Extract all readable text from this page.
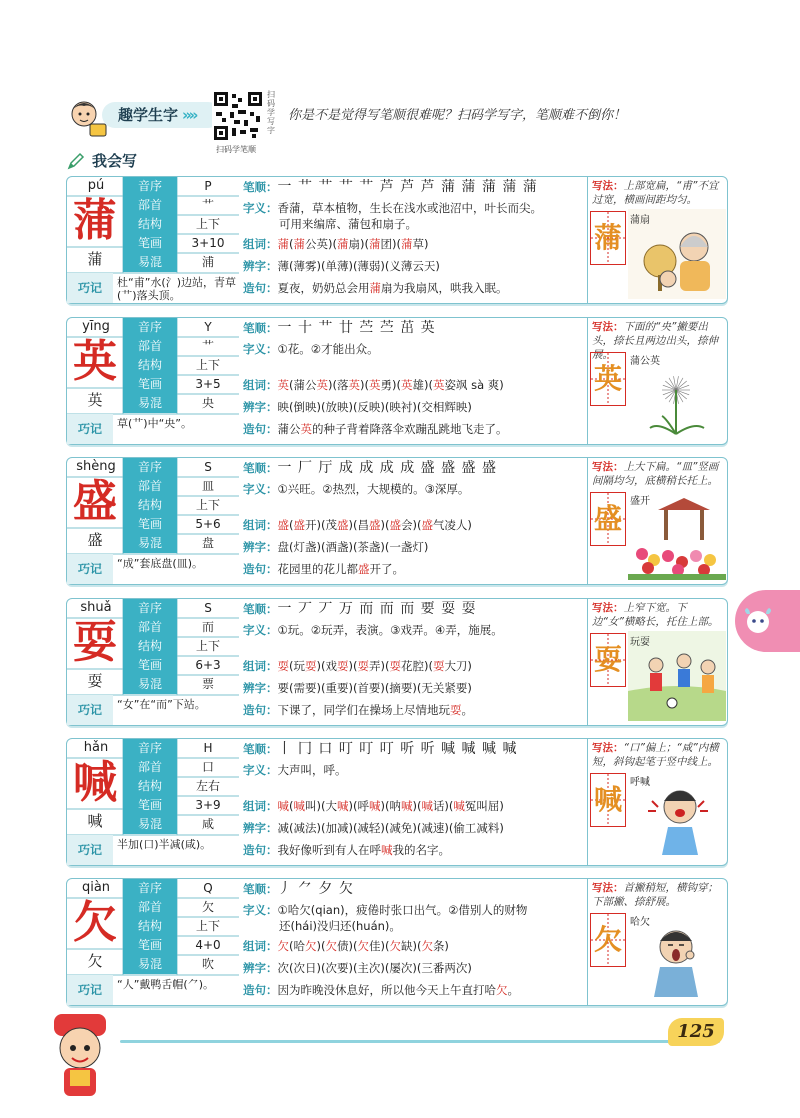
趣学生字 »»
扫码学写字
扫码学笔顺
你是不是觉得写笔顺很难呢？扫码学写字，笔顺难不倒你！
我会写
pú
蒲
蒲
音序	P
部首	艹
结构	上下
笔画	3+10
易混	浦
巧记	杜“甫”水(氵)边站，青草(艹)落头顶。
笔顺：一 ⺾ 艹 艹 艹 芦 芦 芦 蒲 蒲 蒲 蒲 蒲
字义：香蒲，草本植物，生长在浅水或池沼中，叶长而尖。
可用来编席、蒲包和扇子。
组词：蒲(蒲公英)(蒲扇)(蒲团)(蒲草)
辨字：薄(薄雾)(单薄)(薄弱)(义薄云天)
造句：夏夜，奶奶总会用蒲扇为我扇风，哄我入眠。
写法：上部宽扁，“甫”不宜过宽，横画间距均匀。
蒲
蒲扇
yīng
英
英
音序	Y
部首	艹
结构	上下
笔画	3+5
易混	央
巧记	草(艹)中“央”。
笔顺：一 十 艹 廿 苎 苎 茁 英
字义：①花。②才能出众。
组词：英(蒲公英)(落英)(英勇)(英雄)(英姿飒 sà 爽)
辨字：映(倒映)(放映)(反映)(映衬)(交相辉映)
造句：蒲公英的种子背着降落伞欢蹦乱跳地飞走了。
写法：下面的“央”撇要出头，捺长且两边出头，捺伸展。
英
蒲公英
shèng
盛
盛
音序	S
部首	皿
结构	上下
笔画	5+6
易混	盘
巧记	“成”套底盘(皿)。
笔顺：一 厂 厅 成 成 成 成 盛 盛 盛 盛
字义：①兴旺。②热烈，大规模的。③深厚。
组词：盛(盛开)(茂盛)(昌盛)(盛会)(盛气凌人)
辨字：盘(灯盏)(酒盏)(茶盏)(一盏灯)
造句：花园里的花儿都盛开了。
写法：上大下扁。“皿”竖画间隔均匀，底横稍长托上。
盛
盛开
shuǎ
耍
耍
音序	S
部首	而
结构	上下
笔画	6+3
易混	票
巧记	“女”在“而”下站。
笔顺：一 丆 丆 万 而 而 而 要 耍 耍
字义：①玩。②玩弄，表演。③戏弄。④弄，施展。
组词：耍(玩耍)(戏耍)(耍弄)(耍花腔)(耍大刀)
辨字：要(需要)(重要)(首要)(摘要)(无关紧要)
造句：下课了，同学们在操场上尽情地玩耍。
写法：上窄下宽。下边“女”横略长，托住上部。
耍
玩耍
hǎn
喊
喊
音序	H
部首	口
结构	左右
笔画	3+9
易混	咸
巧记	半加(口)半减(咸)。
笔顺：丨 冂 口 叮 叮 叮 听 听 喊 喊 喊 喊
字义：大声叫，呼。
组词：喊(喊叫)(大喊)(呼喊)(呐喊)(喊话)(喊冤叫屈)
辨字：减(减法)(加减)(减轻)(减免)(减速)(偷工减料)
造句：我好像听到有人在呼喊我的名字。
写法：“口”偏上；“咸”内横短，斜钩起笔于竖中线上。
喊
呼喊
qiàn
欠
欠
音序	Q
部首	欠
结构	上下
笔画	4+0
易混	吹
巧记	“人”戴鸭舌帽(⺈)。
笔顺：丿 ⺈ 夕 欠
字义：①哈欠(qian)，疲倦时张口出气。②借别人的财物
还(hái)没归还(huán)。
组词：欠(哈欠)(欠债)(欠佳)(欠缺)(欠条)
辨字：次(次日)(次要)(主次)(屡次)(三番两次)
造句：因为昨晚没休息好，所以他今天上午直打哈欠。
写法：首撇稍短，横钩穿；下部撇、捺舒展。
欠
哈欠
125
